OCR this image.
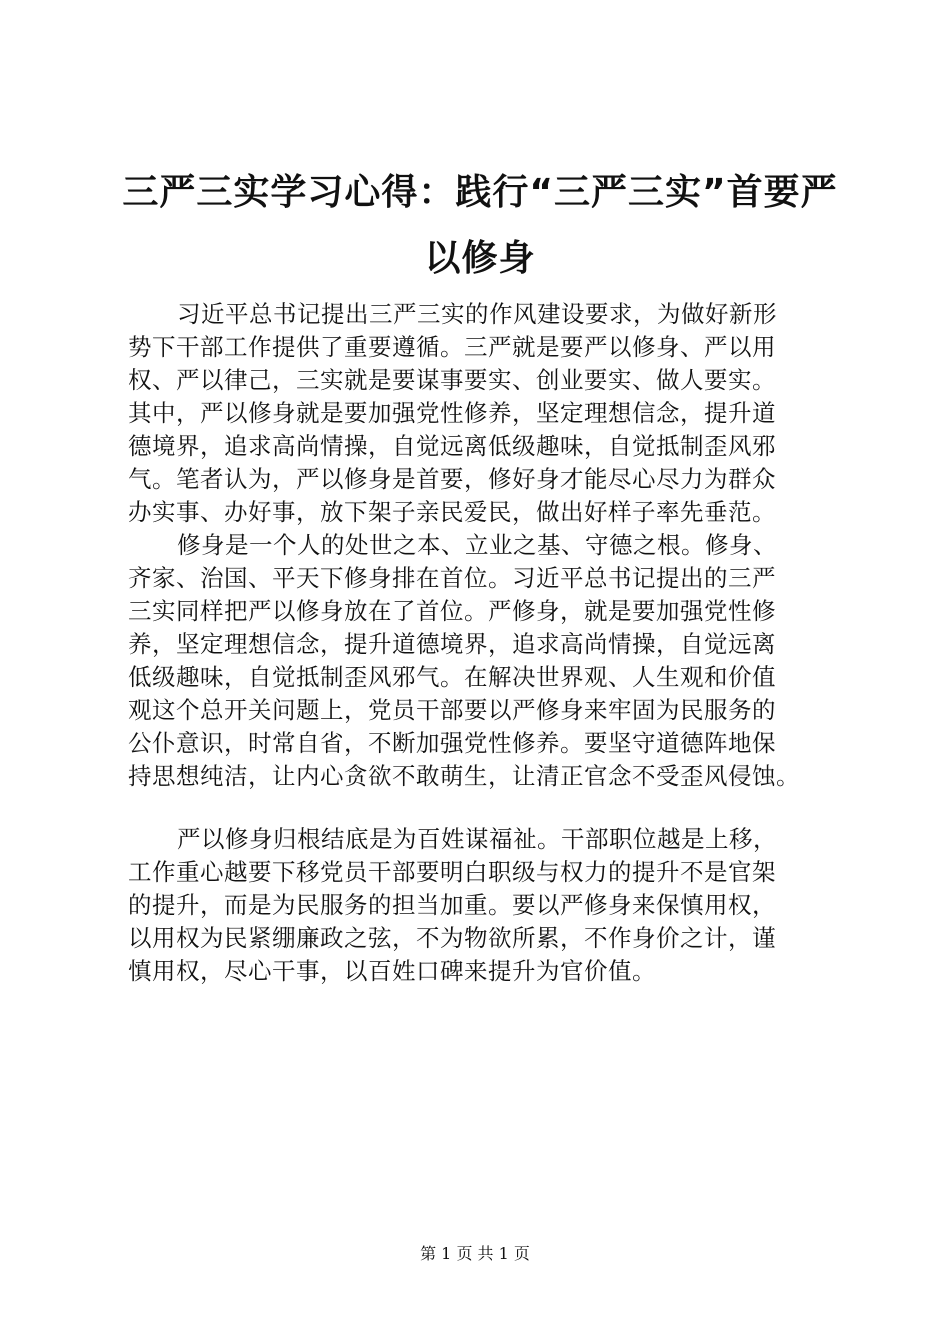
三严三实学习心得：践行“三严三实”首要严
以修身
习近平总书记提出三严三实的作风建设要求，为做好新形
势下干部工作提供了重要遵循。三严就是要严以修身、严以用
权、严以律己，三实就是要谋事要实、创业要实、做人要实。
其中，严以修身就是要加强党性修养，坚定理想信念，提升道
德境界，追求高尚情操，自觉远离低级趣味，自觉抵制歪风邪
气。笔者认为，严以修身是首要，修好身才能尽心尽力为群众
办实事、办好事，放下架子亲民爱民，做出好样子率先垂范。
修身是一个人的处世之本、立业之基、守德之根。修身、
齐家、治国、平天下修身排在首位。习近平总书记提出的三严
三实同样把严以修身放在了首位。严修身，就是要加强党性修
养，坚定理想信念，提升道德境界，追求高尚情操，自觉远离
低级趣味，自觉抵制歪风邪气。在解决世界观、人生观和价值
观这个总开关问题上，党员干部要以严修身来牢固为民服务的
公仆意识，时常自省，不断加强党性修养。要坚守道德阵地保
持思想纯洁，让内心贪欲不敢萌生，让清正官念不受歪风侵蚀。
严以修身归根结底是为百姓谋福祉。干部职位越是上移，
工作重心越要下移党员干部要明白职级与权力的提升不是官架
的提升，而是为民服务的担当加重。要以严修身来保慎用权，
以用权为民紧绷廉政之弦，不为物欲所累，不作身价之计，谨
慎用权，尽心干事，以百姓口碑来提升为官价值。
第 1 页 共 1 页
